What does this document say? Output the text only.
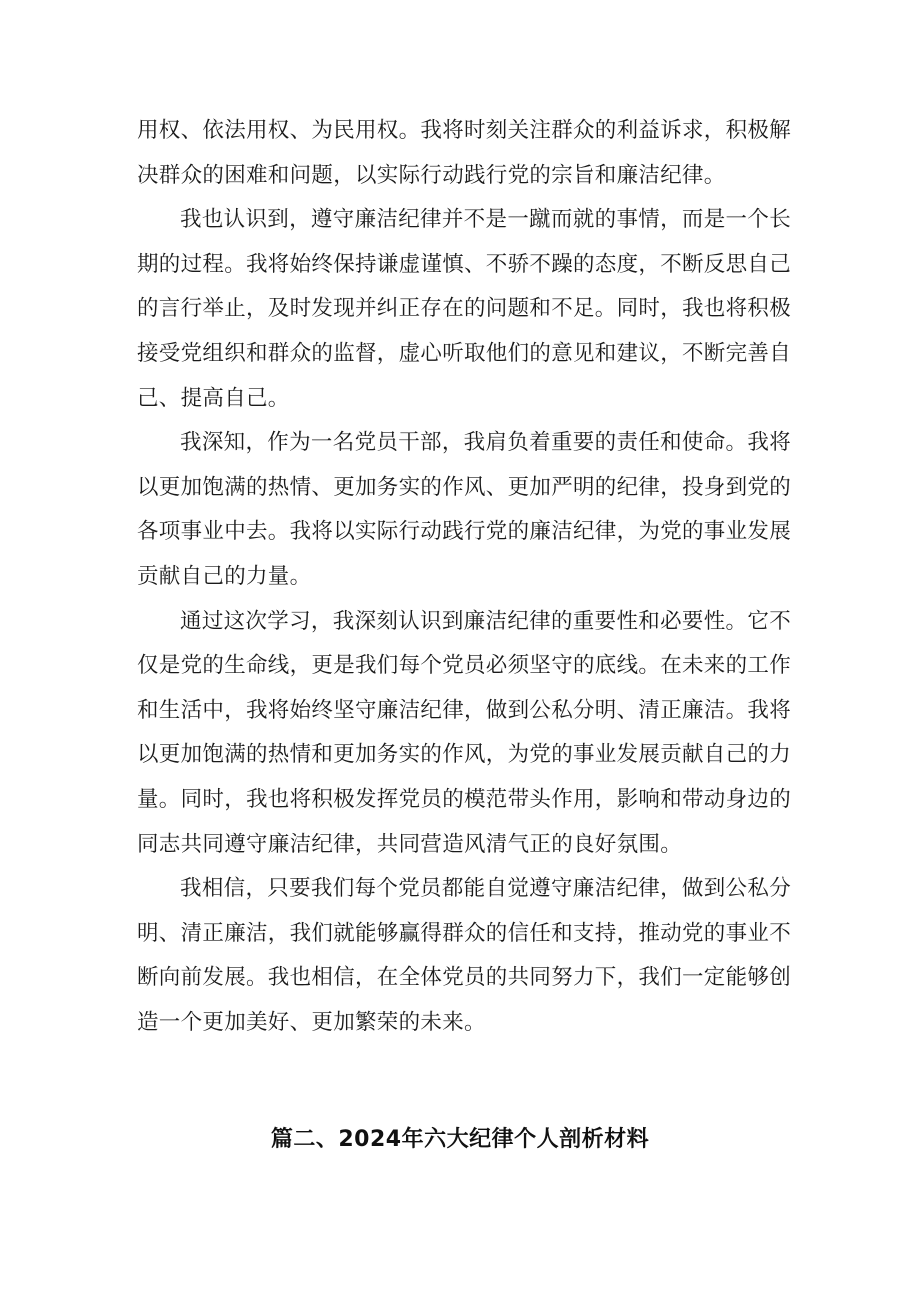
用权、依法用权、为民用权。我将时刻关注群众的利益诉求，积极解决群众的困难和问题，以实际行动践行党的宗旨和廉洁纪律。

我也认识到，遵守廉洁纪律并不是一蹴而就的事情，而是一个长期的过程。我将始终保持谦虚谨慎、不骄不躁的态度，不断反思自己的言行举止，及时发现并纠正存在的问题和不足。同时，我也将积极接受党组织和群众的监督，虚心听取他们的意见和建议，不断完善自己、提高自己。

我深知，作为一名党员干部，我肩负着重要的责任和使命。我将以更加饱满的热情、更加务实的作风、更加严明的纪律，投身到党的各项事业中去。我将以实际行动践行党的廉洁纪律，为党的事业发展贡献自己的力量。

通过这次学习，我深刻认识到廉洁纪律的重要性和必要性。它不仅是党的生命线，更是我们每个党员必须坚守的底线。在未来的工作和生活中，我将始终坚守廉洁纪律，做到公私分明、清正廉洁。我将以更加饱满的热情和更加务实的作风，为党的事业发展贡献自己的力量。同时，我也将积极发挥党员的模范带头作用，影响和带动身边的同志共同遵守廉洁纪律，共同营造风清气正的良好氛围。

我相信，只要我们每个党员都能自觉遵守廉洁纪律，做到公私分明、清正廉洁，我们就能够赢得群众的信任和支持，推动党的事业不断向前发展。我也相信，在全体党员的共同努力下，我们一定能够创造一个更加美好、更加繁荣的未来。

篇二、2024年六大纪律个人剖析材料
